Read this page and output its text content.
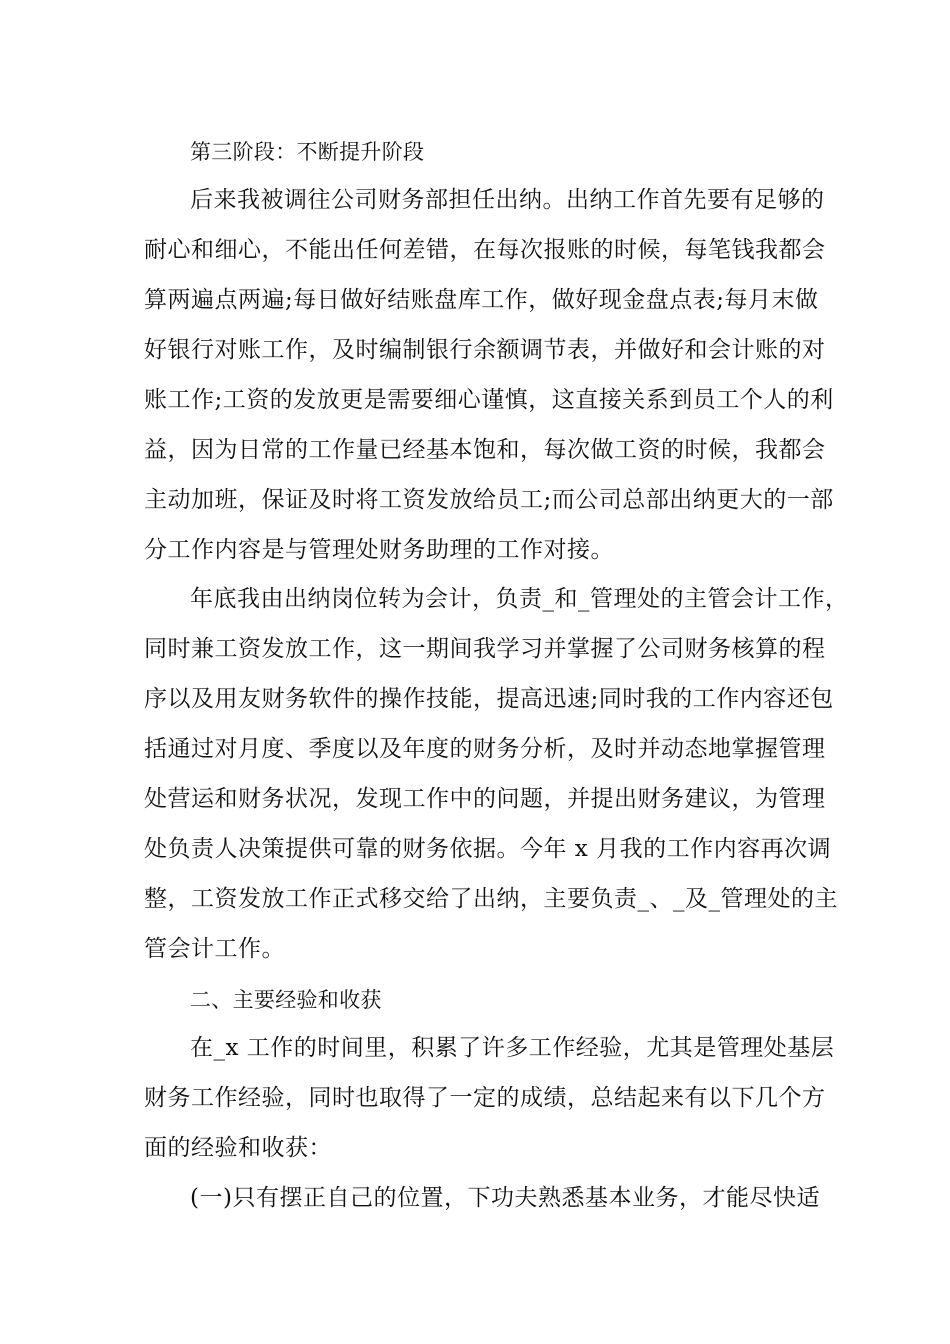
第三阶段：不断提升阶段
后来我被调往公司财务部担任出纳。出纳工作首先要有足够的
耐心和细心，不能出任何差错，在每次报账的时候，每笔钱我都会
算两遍点两遍;每日做好结账盘库工作，做好现金盘点表;每月末做
好银行对账工作，及时编制银行余额调节表，并做好和会计账的对
账工作;工资的发放更是需要细心谨慎，这直接关系到员工个人的利
益，因为日常的工作量已经基本饱和，每次做工资的时候，我都会
主动加班，保证及时将工资发放给员工;而公司总部出纳更大的一部
分工作内容是与管理处财务助理的工作对接。
年底我由出纳岗位转为会计，负责_和_管理处的主管会计工作，
同时兼工资发放工作，这一期间我学习并掌握了公司财务核算的程
序以及用友财务软件的操作技能，提高迅速;同时我的工作内容还包
括通过对月度、季度以及年度的财务分析，及时并动态地掌握管理
处营运和财务状况，发现工作中的问题，并提出财务建议，为管理
处负责人决策提供可靠的财务依据。今年 x 月我的工作内容再次调
整，工资发放工作正式移交给了出纳，主要负责_、_及_管理处的主
管会计工作。
二、主要经验和收获
在_x 工作的时间里，积累了许多工作经验，尤其是管理处基层
财务工作经验，同时也取得了一定的成绩，总结起来有以下几个方
面的经验和收获：
(一)只有摆正自己的位置，下功夫熟悉基本业务，才能尽快适
